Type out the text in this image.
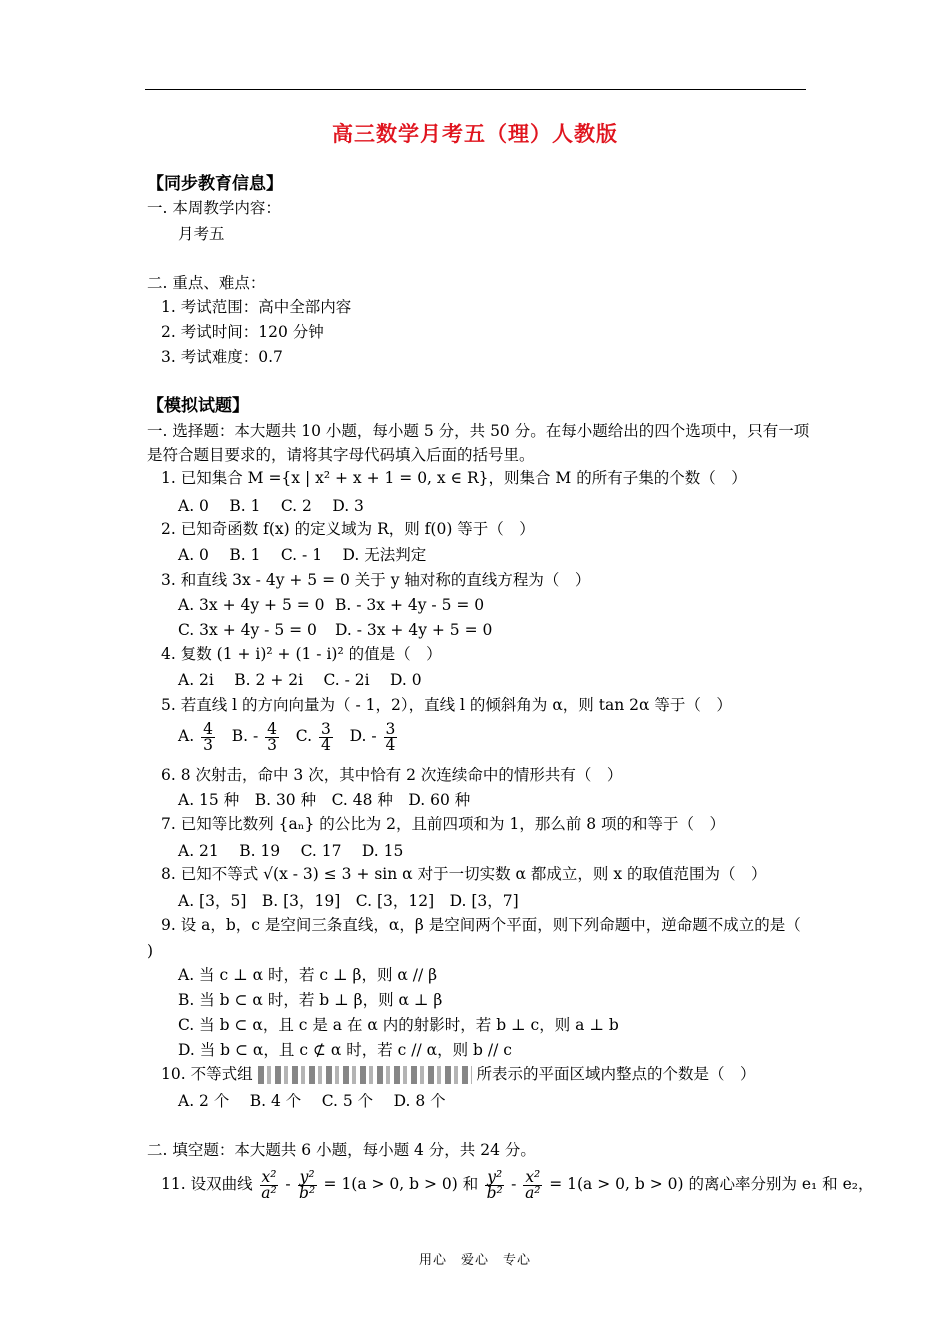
高三数学月考五（理）人教版
【同步教育信息】
一. 本周教学内容：
月考五
二. 重点、难点：
1. 考试范围：高中全部内容
2. 考试时间：120 分钟
3. 考试难度：0.7
【模拟试题】
一. 选择题：本大题共 10 小题，每小题 5 分，共 50 分。在每小题给出的四个选项中，只有一项
是符合题目要求的，请将其字母代码填入后面的括号里。
1. 已知集合 M ={x | x² + x + 1 = 0, x ∈ R}，则集合 M 的所有子集的个数（　）
A. 0　 B. 1　 C. 2　 D. 3
2. 已知奇函数 f(x) 的定义域为 R，则 f(0) 等于（　）
A. 0　 B. 1　 C. - 1　 D. 无法判定
3. 和直线 3x - 4y + 5 = 0 关于 y 轴对称的直线方程为（　）
A. 3x + 4y + 5 = 0 B. - 3x + 4y - 5 = 0
C. 3x + 4y - 5 = 0 D. - 3x + 4y + 5 = 0
4. 复数 (1 + i)² + (1 - i)² 的值是（　）
A. 2i　 B. 2 + 2i　 C. - 2i　 D. 0
5. 若直线 l 的方向向量为（ - 1，2），直线 l 的倾斜角为 α，则 tan 2α 等于（　）
A. $\frac{4}{3} B$. - $\frac{4}{3} C$. $\frac{3}{4} D$. - $\frac{3}{4}$
6. 8 次射击，命中 3 次，其中恰有 2 次连续命中的情形共有（　）
A. 15 种　B. 30 种　C. 48 种　D. 60 种
7. 已知等比数列 {aₙ} 的公比为 2，且前四项和为 1，那么前 8 项的和等于（　）
A. 21　 B. 19　 C. 17　 D. 15
8. 已知不等式 √(x - 3) ≤ 3 + sin α 对于一切实数 α 都成立，则 x 的取值范围为（　）
A. [3，5]　B. [3，19]　C. [3，12]　D. [3，7]
9. 设 a，b，c 是空间三条直线，α，β 是空间两个平面，则下列命题中，逆命题不成立的是（
)
A. 当 c ⊥ α 时，若 c ⊥ β，则 α // β
B. 当 b ⊂ α 时，若 b ⊥ β，则 α ⊥ β
C. 当 b ⊂ α，且 c 是 a 在 α 内的射影时，若 b ⊥ c，则 a ⊥ b
D. 当 b ⊂ α，且 c ⊄ α 时，若 c // α，则 b // c
10. 不等式组	所表示的平面区域内整点的个数是（　）
A. 2 个　 B. 4 个　 C. 5 个　 D. 8 个
二. 填空题：本大题共 6 小题，每小题 4 分，共 24 分。
11. 设双曲线 $\frac{\text{x²}}{\text{a²}} - \frac{\text{y²}}{\text{b²}} = 1(a > 0$, b > 0) 和 $\frac{\text{y²}}{\text{b²}} - \frac{\text{x²}}{\text{a²}} = 1(a > 0$, b > 0) 的离心率分别为 e₁ 和 e₂，
用心　爱心　专心
